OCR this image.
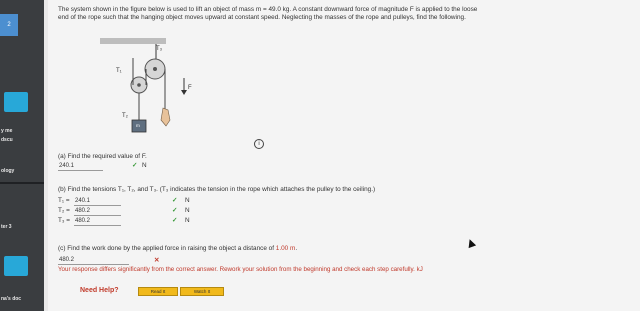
2
y me
dscu
ology
ter 3
na's doc
The system shown in the figure below is used to lift an object of mass m = 49.0 kg. A constant downward force of magnitude F is applied to the loose
end of the rope such that the hanging object moves upward at constant speed. Neglecting the masses of the rope and pulleys, find the following.
T₃
T₁
T₂
F
m
i
(a) Find the required value of F.
240.1	✓ N
(b) Find the tensions T₁, T₂, and T₃. (T₃ indicates the tension in the rope which attaches the pulley to the ceiling.)
T₁ = 240.1	✓ N
T₂ = 480.2	✓ N
T₃ = 480.2	✓ N
(c) Find the work done by the applied force in raising the object a distance of 1.00 m.
480.2	✕
Your response differs significantly from the correct answer. Rework your solution from the beginning and check each step carefully. kJ
Need Help?	Read It	Watch It
